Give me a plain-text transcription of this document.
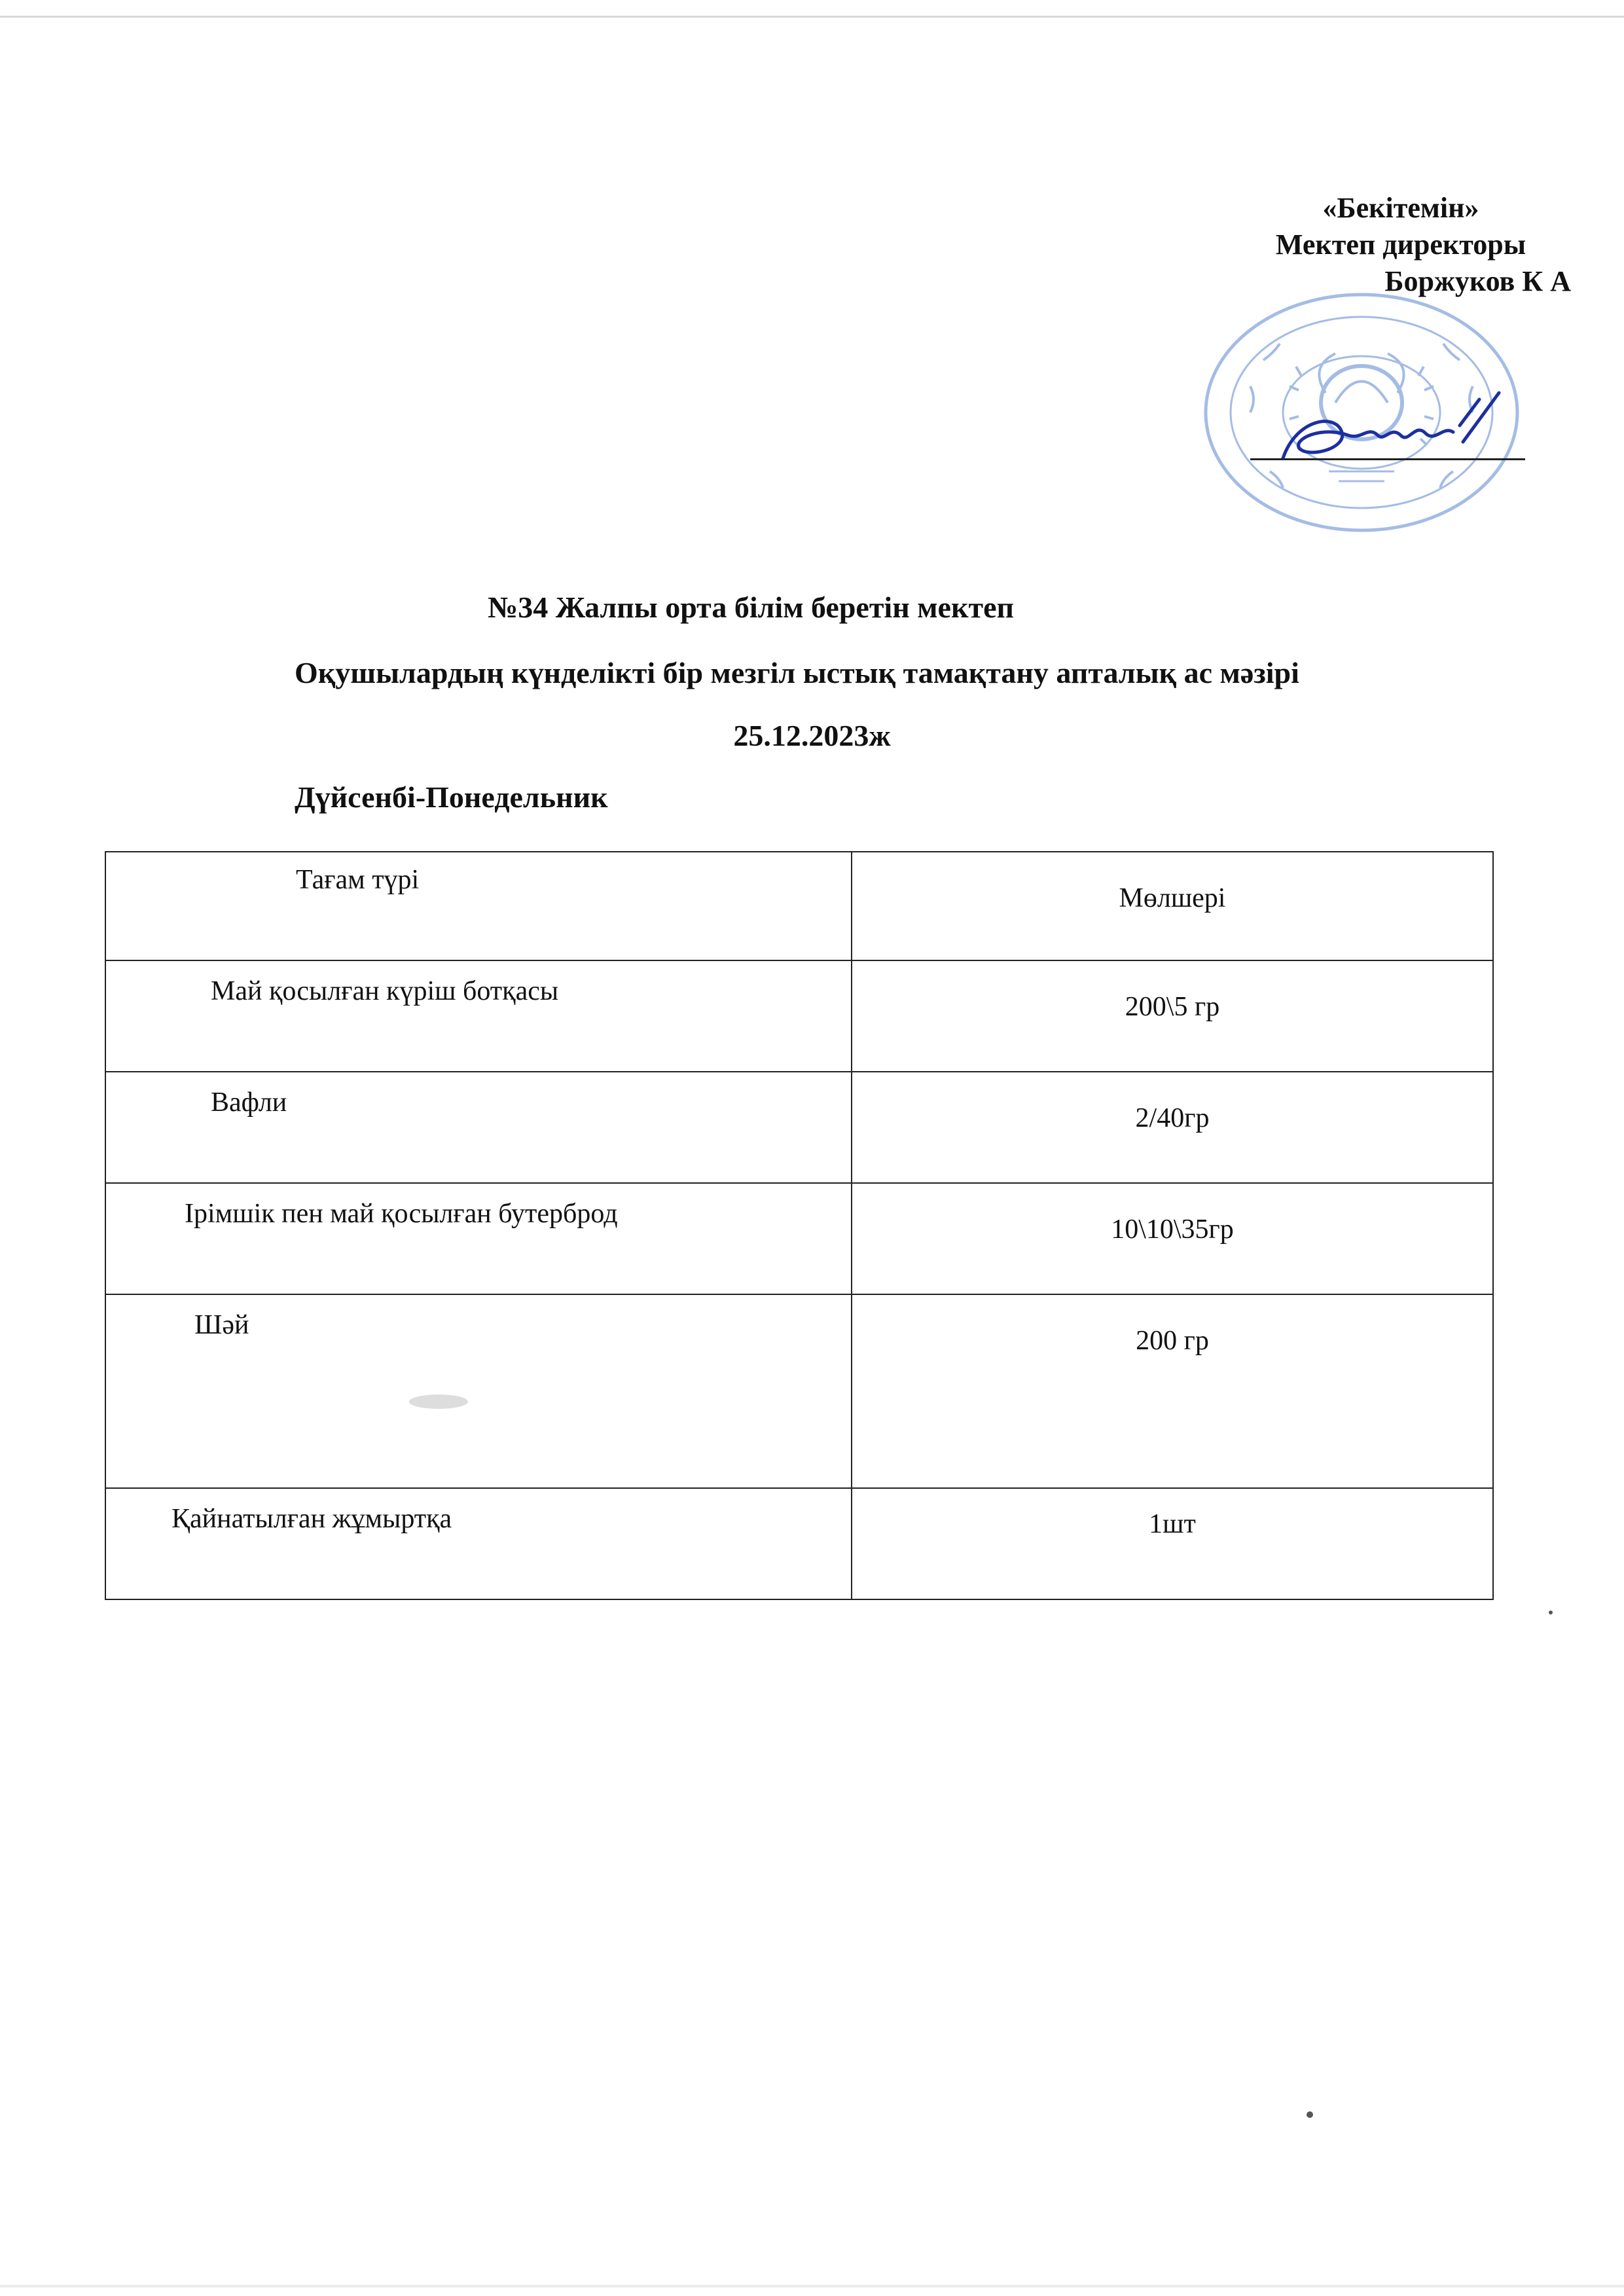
«Бекітемін»
Мектеп директоры
Боржуков К А
№34 Жалпы орта білім беретін мектеп
Оқушылардың күнделікті бір мезгіл ыстық тамақтану апталық ас мәзірі
25.12.2023ж
Дүйсенбі-Понедельник
Тағам түрі	Мөлшері
Май қосылған күріш ботқасы	200\5 гр
Вафли	2/40гр
Ірімшік пен май қосылған бутерброд	10\10\35гр
Шәй	200 гр
Қайнатылған жұмыртқа	1шт
